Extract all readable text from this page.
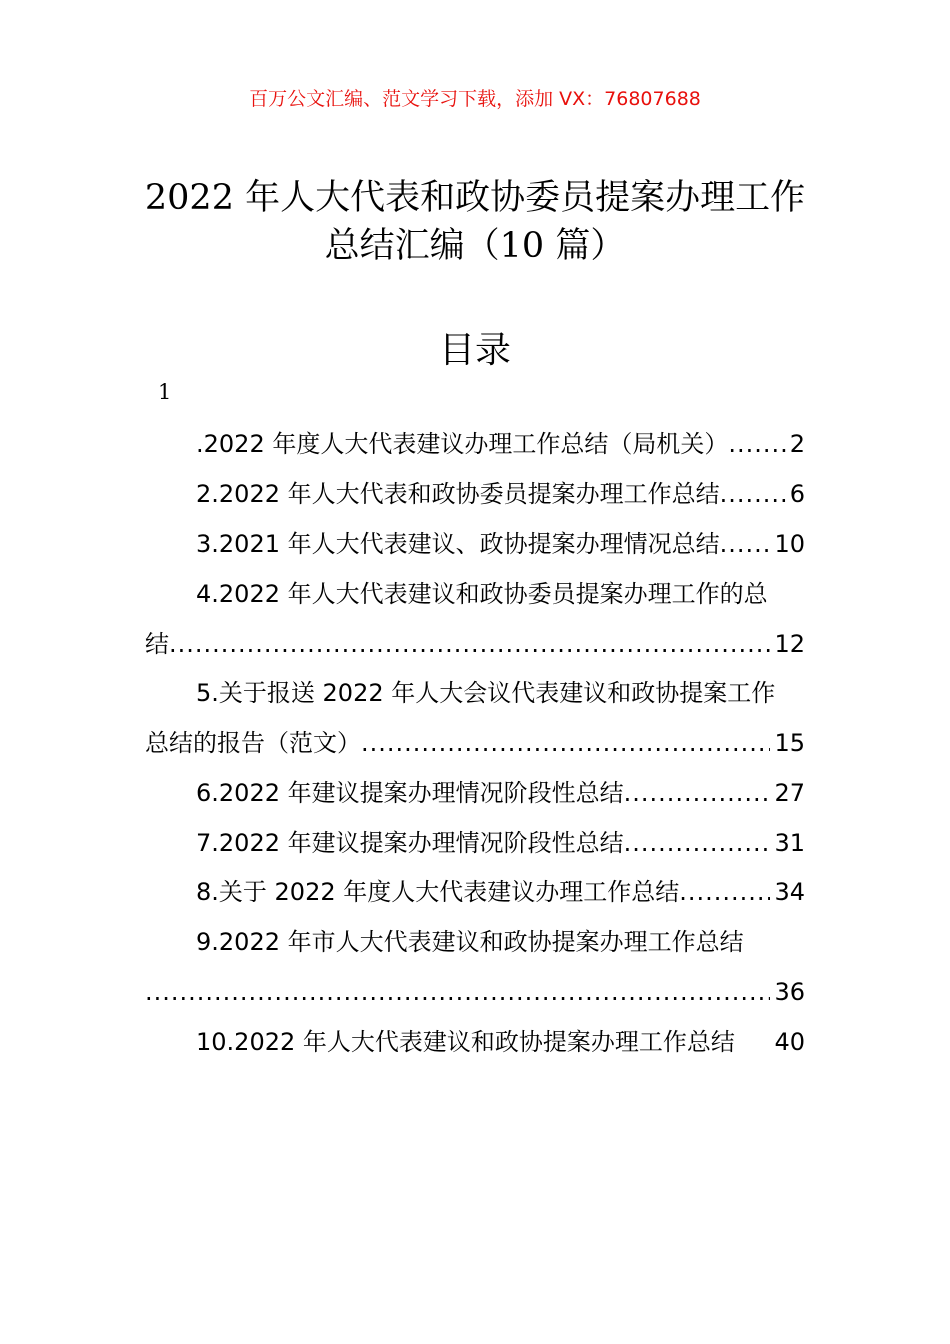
百万公文汇编、范文学习下载，添加 VX：76807688
2022 年人大代表和政协委员提案办理工作
总结汇编（10 篇）
目录
1
.2022 年度人大代表建议办理工作总结（局机关） .....	2
2.2022 年人大代表和政协委员提案办理工作总结 .....	6
3.2021 年人大代表建议、政协提案办理情况总结 ..... 10
4.2022 年人大代表建议和政协委员提案办理工作的总
结 .....	12
5.关于报送 2022 年人大会议代表建议和政协提案工作
总结的报告（范文） .....	15
6.2022 年建议提案办理情况阶段性总结 .....	27
7.2022 年建议提案办理情况阶段性总结 .....	31
8.关于 2022 年度人大代表建议办理工作总结 .....	34
9.2022 年市人大代表建议和政协提案办理工作总结
.....
36
10.2022 年人大代表建议和政协提案办理工作总结 40
